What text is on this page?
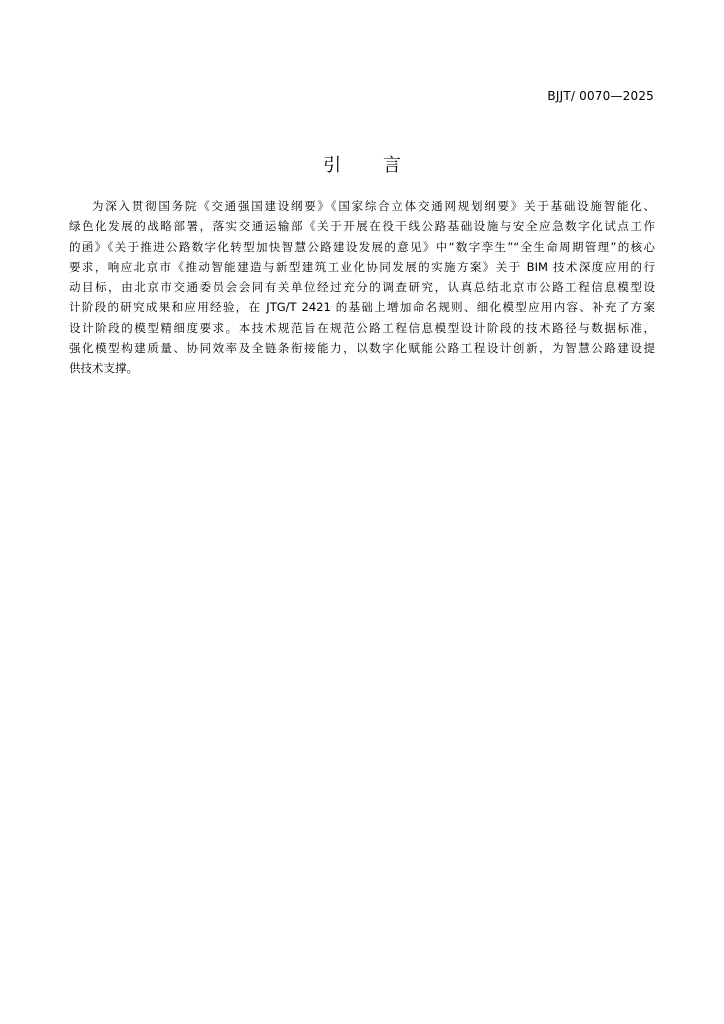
BJJT/ 0070—2025
引 言
为深入贯彻国务院《交通强国建设纲要》《国家综合立体交通网规划纲要》关于基础设施智能化、
绿色化发展的战略部署，落实交通运输部《关于开展在役干线公路基础设施与安全应急数字化试点工作
的函》《关于推进公路数字化转型加快智慧公路建设发展的意见》中“数字孪生”“全生命周期管理”的核心
要求，响应北京市《推动智能建造与新型建筑工业化协同发展的实施方案》关于 BIM 技术深度应用的行
动目标，由北京市交通委员会会同有关单位经过充分的调查研究，认真总结北京市公路工程信息模型设
计阶段的研究成果和应用经验，在 JTG/T 2421 的基础上增加命名规则、细化模型应用内容、补充了方案
设计阶段的模型精细度要求。本技术规范旨在规范公路工程信息模型设计阶段的技术路径与数据标准，
强化模型构建质量、协同效率及全链条衔接能力，以数字化赋能公路工程设计创新，为智慧公路建设提
供技术支撑。
